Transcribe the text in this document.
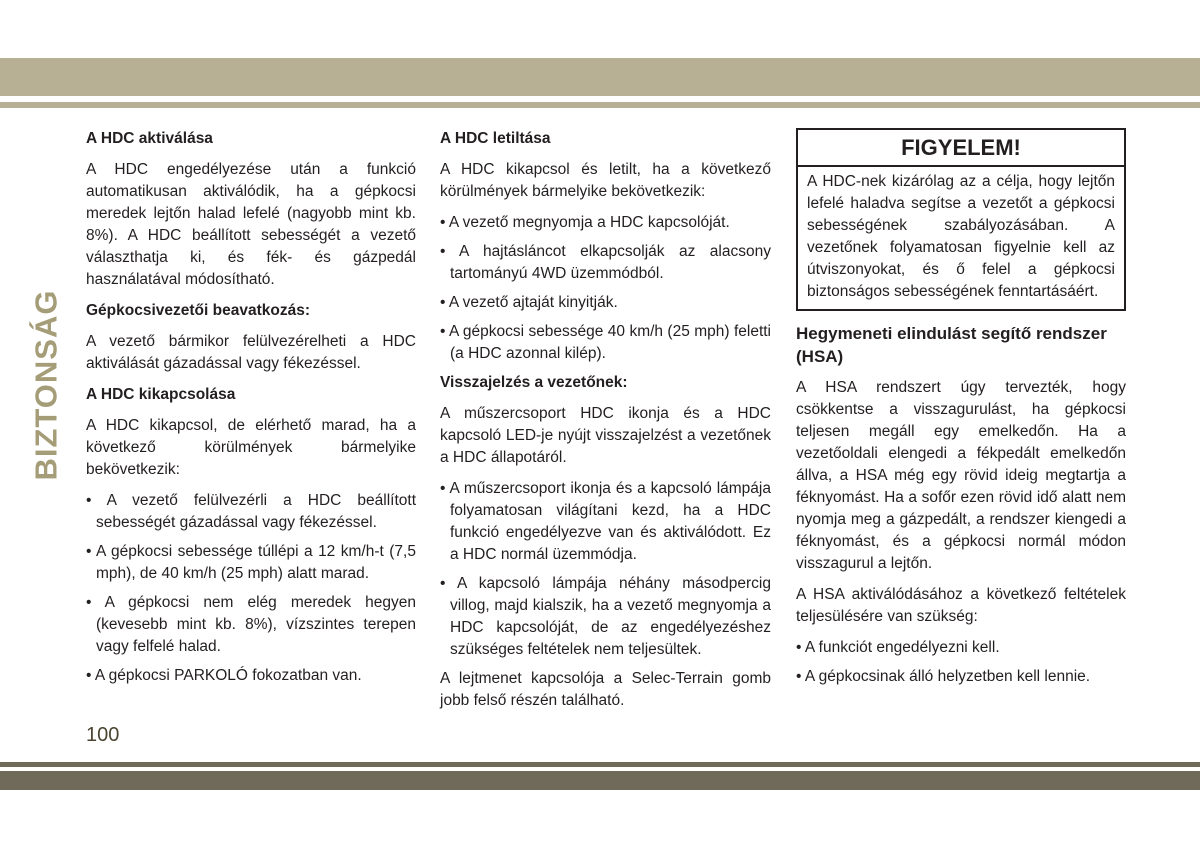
BIZTONSÁG
A HDC aktiválása
A HDC engedélyezése után a funkció automatikusan aktiválódik, ha a gépkocsi meredek lejtőn halad lefelé (nagyobb mint kb. 8%). A HDC beállított sebességét a vezető választhatja ki, és fék- és gázpedál használatával módosítható.
Gépkocsivezetői beavatkozás:
A vezető bármikor felülvezérelheti a HDC aktiválását gázadással vagy fékezéssel.
A HDC kikapcsolása
A HDC kikapcsol, de elérhető marad, ha a következő körülmények bármelyike bekövetkezik:
• A vezető felülvezérli a HDC beállított sebességét gázadással vagy fékezéssel.
• A gépkocsi sebessége túllépi a 12 km/h-t (7,5 mph), de 40 km/h (25 mph) alatt marad.
• A gépkocsi nem elég meredek hegyen (kevesebb mint kb. 8%), vízszintes terepen vagy felfelé halad.
• A gépkocsi PARKOLÓ fokozatban van.
A HDC letiltása
A HDC kikapcsol és letilt, ha a következő körülmények bármelyike bekövetkezik:
• A vezető megnyomja a HDC kapcsolóját.
• A hajtásláncot elkapcsolják az alacsony tartományú 4WD üzemmódból.
• A vezető ajtaját kinyitják.
• A gépkocsi sebessége 40 km/h (25 mph) feletti (a HDC azonnal kilép).
Visszajelzés a vezetőnek:
A műszercsoport HDC ikonja és a HDC kapcsoló LED-je nyújt visszajelzést a vezetőnek a HDC állapotáról.
• A műszercsoport ikonja és a kapcsoló lámpája folyamatosan világítani kezd, ha a HDC funkció engedélyezve van és aktiválódott. Ez a HDC normál üzemmódja.
• A kapcsoló lámpája néhány másodpercig villog, majd kialszik, ha a vezető megnyomja a HDC kapcsolóját, de az engedélyezéshez szükséges feltételek nem teljesültek.
A lejtmenet kapcsolója a Selec-Terrain gomb jobb felső részén található.
FIGYELEM!
A HDC-nek kizárólag az a célja, hogy lejtőn lefelé haladva segítse a vezetőt a gépkocsi sebességének szabályozásában. A vezetőnek folyamatosan figyelnie kell az útviszonyokat, és ő felel a gépkocsi biztonságos sebességének fenntartásáért.
Hegymeneti elindulást segítő rendszer (HSA)
A HSA rendszert úgy tervezték, hogy csökkentse a visszagurulást, ha gépkocsi teljesen megáll egy emelkedőn. Ha a vezetőoldali elengedi a fékpedált emelkedőn állva, a HSA még egy rövid ideig megtartja a féknyomást. Ha a sofőr ezen rövid idő alatt nem nyomja meg a gázpedált, a rendszer kiengedi a féknyomást, és a gépkocsi normál módon visszagurul a lejtőn.
A HSA aktiválódásához a következő feltételek teljesülésére van szükség:
• A funkciót engedélyezni kell.
• A gépkocsinak álló helyzetben kell lennie.
100
